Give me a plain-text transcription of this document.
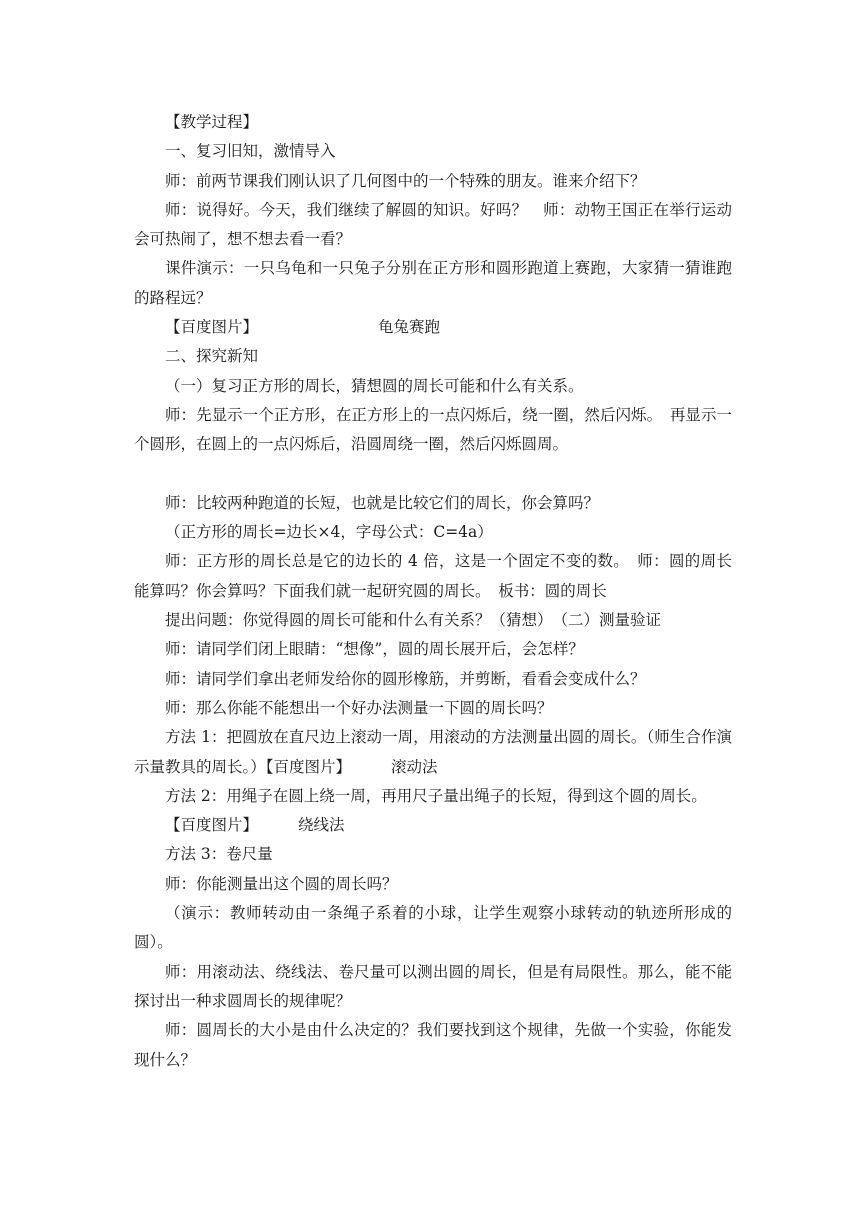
【教学过程】

一、复习旧知，激情导入

师：前两节课我们刚认识了几何图中的一个特殊的朋友。谁来介绍下？

师：说得好。今天，我们继续了解圆的知识。好吗？　师：动物王国正在举行运动会可热闹了，想不想去看一看？

课件演示：一只乌龟和一只兔子分别在正方形和圆形跑道上赛跑，大家猜一猜谁跑的路程远？

【百度图片】	龟兔赛跑

二、探究新知

（一）复习正方形的周长，猜想圆的周长可能和什么有关系。

师：先显示一个正方形，在正方形上的一点闪烁后，绕一圈，然后闪烁。　再显示一个圆形，在圆上的一点闪烁后，沿圆周绕一圈，然后闪烁圆周。

师：比较两种跑道的长短，也就是比较它们的周长，你会算吗？

（正方形的周长=边长×4，字母公式：C=4a）

师：正方形的周长总是它的边长的 4 倍，这是一个固定不变的数。　师：圆的周长能算吗？你会算吗？下面我们就一起研究圆的周长。　板书：圆的周长

提出问题：你觉得圆的周长可能和什么有关系？（猜想）　（二）测量验证

师：请同学们闭上眼睛：“想像”，圆的周长展开后，会怎样？

师：请同学们拿出老师发给你的圆形橡筋，并剪断，看看会变成什么？

师：那么你能不能想出一个好办法测量一下圆的周长吗？

方法 1：把圆放在直尺边上滚动一周，用滚动的方法测量出圆的周长。（师生合作演示量教具的周长。）【百度图片】	滚动法

方法 2：用绳子在圆上绕一周，再用尺子量出绳子的长短，得到这个圆的周长。

【百度图片】	绕线法

方法 3：卷尺量

师：你能测量出这个圆的周长吗？

（演示：教师转动由一条绳子系着的小球，让学生观察小球转动的轨迹所形成的圆）。

师：用滚动法、绕线法、卷尺量可以测出圆的周长，但是有局限性。那么，能不能探讨出一种求圆周长的规律呢？

师：圆周长的大小是由什么决定的？我们要找到这个规律，先做一个实验，你能发现什么？
